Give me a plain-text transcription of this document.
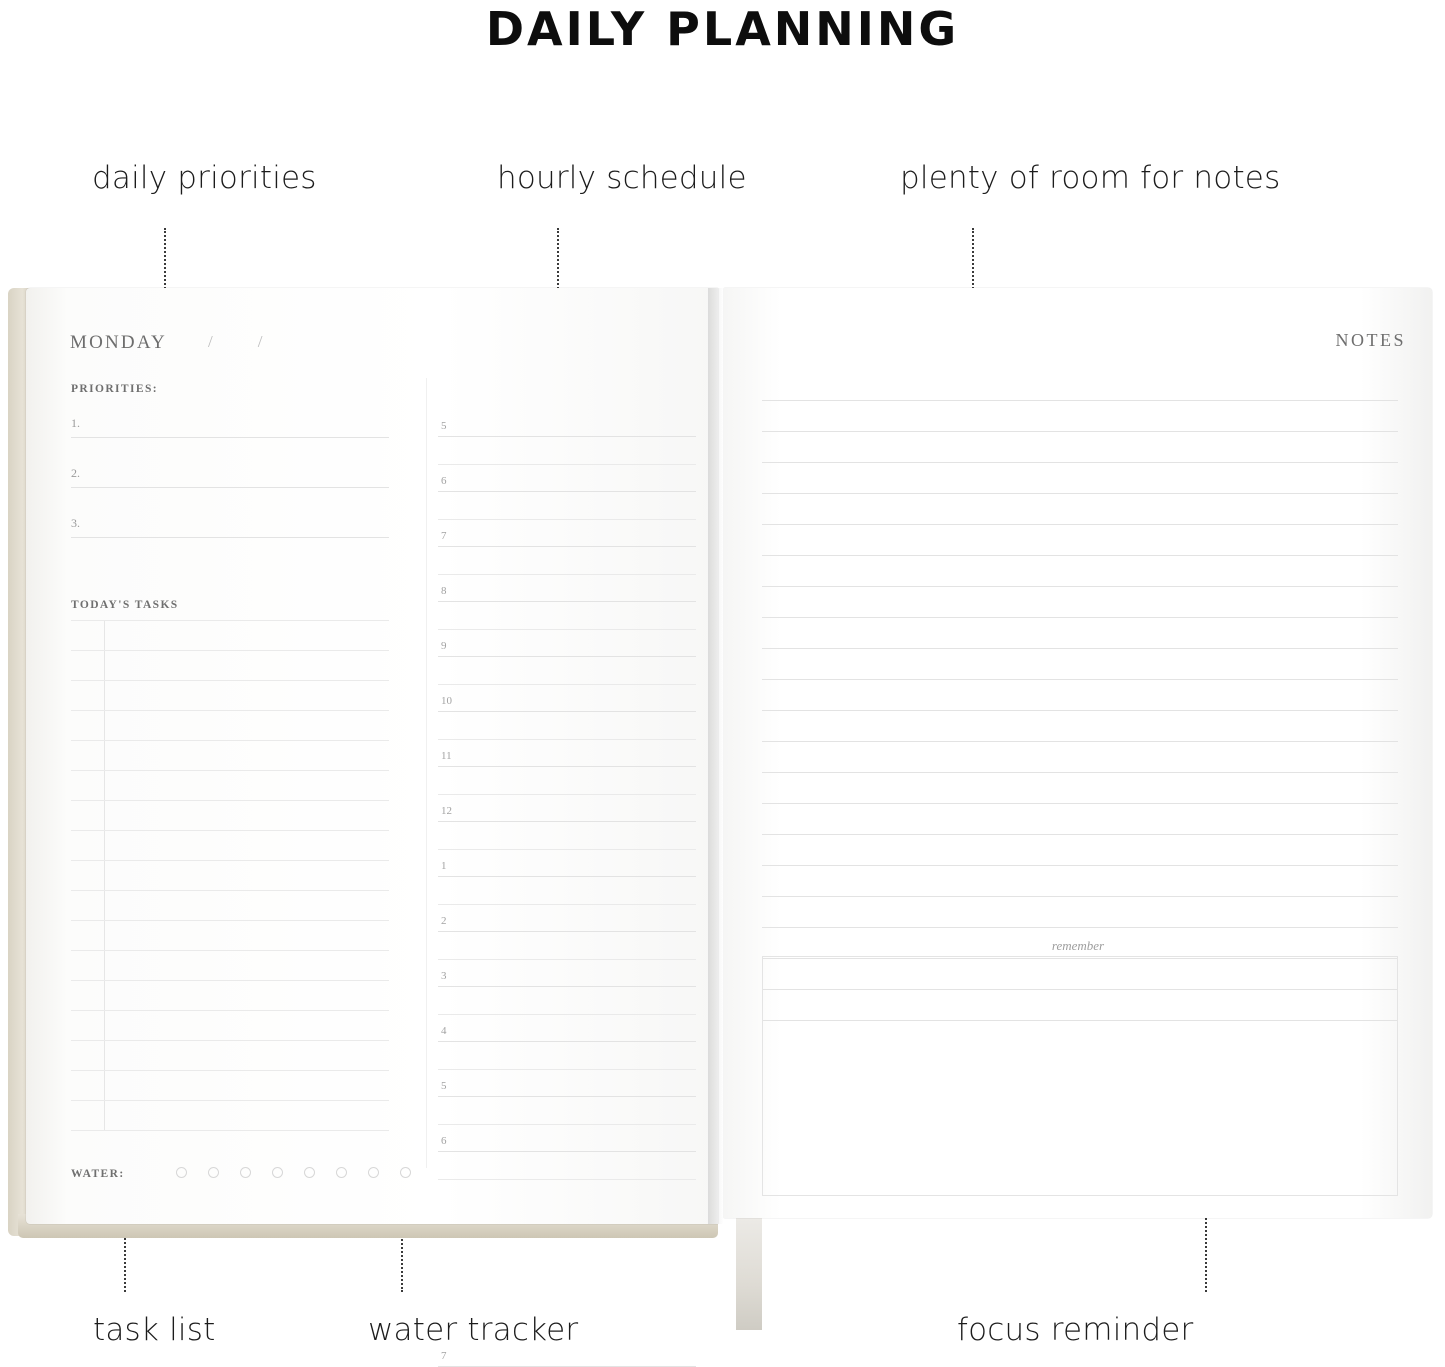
DAILY PLANNING
daily priorities	hourly schedule	plenty of room for notes
task list	water tracker	focus reminder
MONDAY	/	/
PRIORITIES:
TODAY'S TASKS
WATER:
1.
2.
3.
5
6
7
8
9
10
11
12
1
2
3
4
5
6
7
NOTES
remember
